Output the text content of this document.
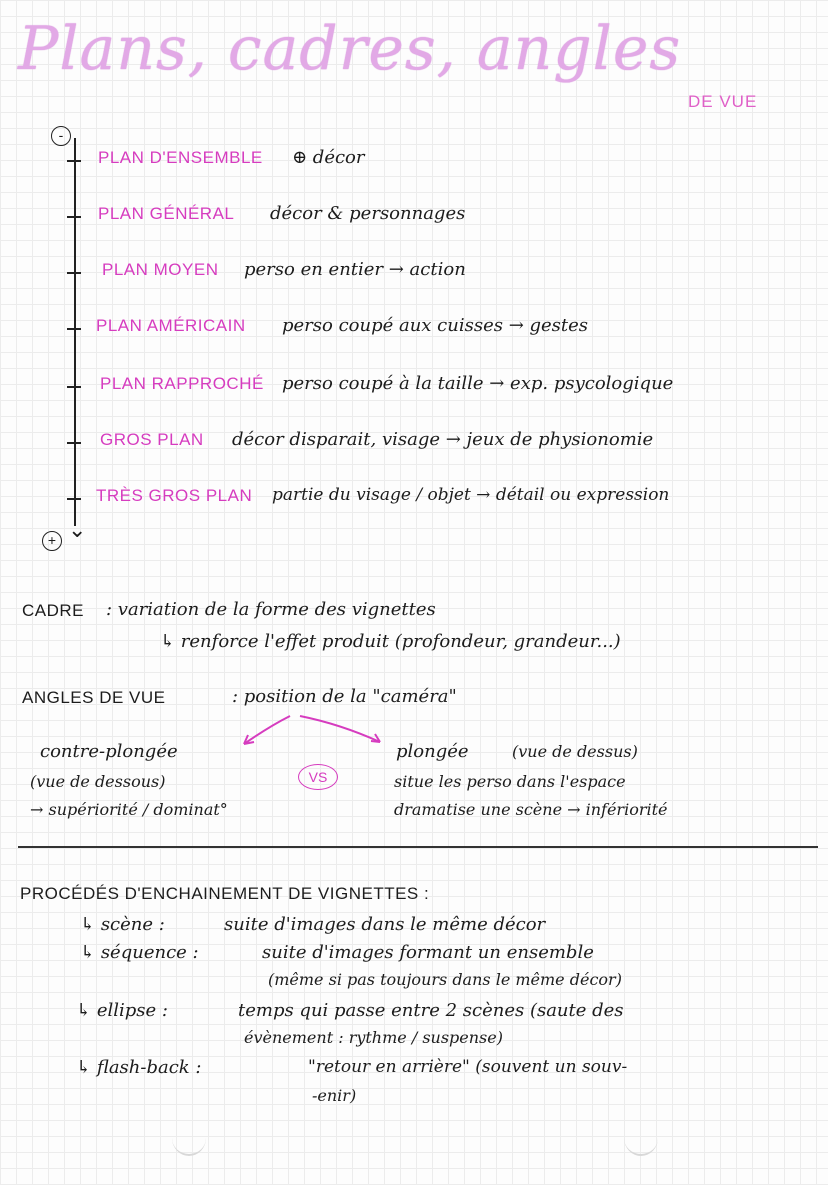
Plans, cadres, angles
DE VUE
-
+ ⌄
PLAN D'ENSEMBLE ⊕ décor
PLAN GÉNÉRAL décor & personnages
PLAN MOYEN perso en entier → action
PLAN AMÉRICAIN perso coupé aux cuisses → gestes
PLAN RAPPROCHÉ perso coupé à la taille → exp. psycologique
GROS PLAN décor disparait, visage → jeux de physionomie
TRÈS GROS PLAN partie du visage / objet → détail ou expression
CADRE : variation de la forme des vignettes
↳ renforce l'effet produit (profondeur, grandeur...)
ANGLES DE VUE	: position de la "caméra"
contre-plongée
(vue de dessous)
→ supériorité / dominat°
VS
plongée	(vue de dessus)
situe les perso dans l'espace
dramatise une scène → infériorité
PROCÉDÉS D'ENCHAINEMENT DE VIGNETTES :
↳ scène :	suite d'images dans le même décor
↳ séquence :	suite d'images formant un ensemble
(même si pas toujours dans le même décor)
↳ ellipse :	temps qui passe entre 2 scènes (saute des
évènement : rythme / suspense)
↳ flash-back :	"retour en arrière" (souvent un souv-
-enir)
